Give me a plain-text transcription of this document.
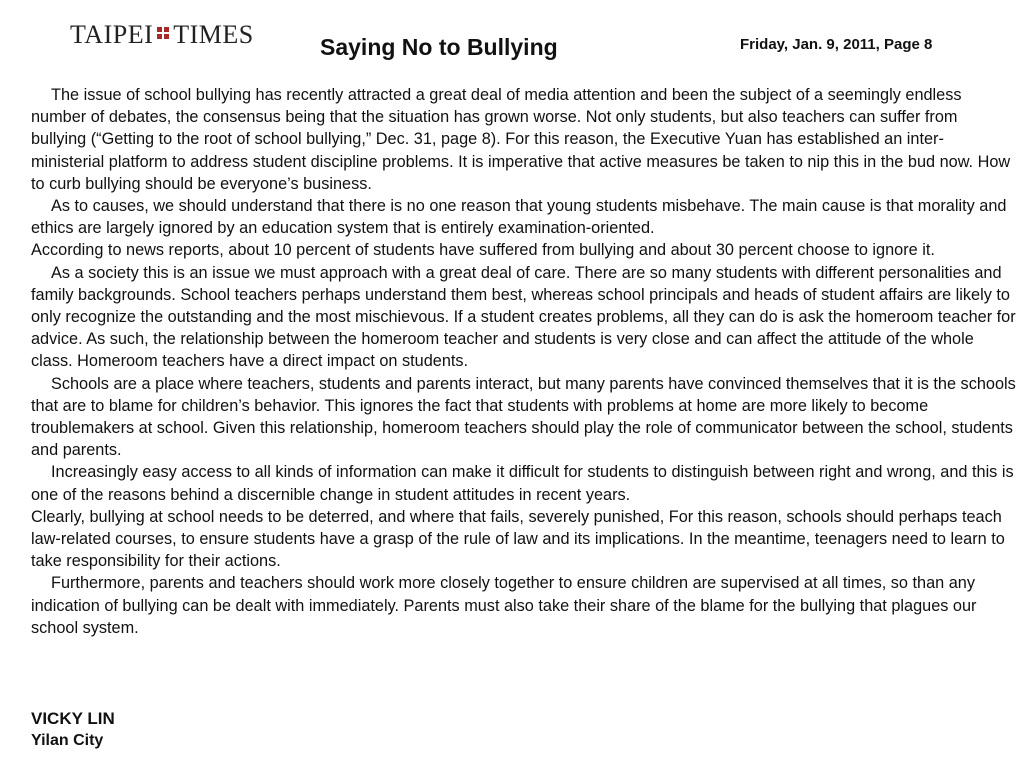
TAIPEI TIMES	Saying No to Bullying	Friday, Jan. 9, 2011, Page 8

The issue of school bullying has recently attracted a great deal of media attention and been the subject of a seemingly endless number of debates, the consensus being that the situation has grown worse. Not only students, but also teachers can suffer from bullying (“Getting to the root of school bullying,” Dec. 31, page 8). For this reason, the Executive Yuan has established an inter-ministerial platform to address student discipline problems. It is imperative that active measures be taken to nip this in the bud now. How to curb bullying should be everyone’s business.

As to causes, we should understand that there is no one reason that young students misbehave. The main cause is that morality and ethics are largely ignored by an education system that is entirely examination-oriented.

According to news reports, about 10 percent of students have suffered from bullying and about 30 percent choose to ignore it.

As a society this is an issue we must approach with a great deal of care. There are so many students with different personalities and family backgrounds. School teachers perhaps understand them best, whereas school principals and heads of student affairs are likely to only recognize the outstanding and the most mischievous. If a student creates problems, all they can do is ask the homeroom teacher for advice. As such, the relationship between the homeroom teacher and students is very close and can affect the attitude of the whole class. Homeroom teachers have a direct impact on students.

Schools are a place where teachers, students and parents interact, but many parents have convinced themselves that it is the schools that are to blame for children’s behavior. This ignores the fact that students with problems at home are more likely to become troublemakers at school. Given this relationship, homeroom teachers should play the role of communicator between the school, students and parents.

Increasingly easy access to all kinds of information can make it difficult for students to distinguish between right and wrong, and this is one of the reasons behind a discernible change in student attitudes in recent years.

Clearly, bullying at school needs to be deterred, and where that fails, severely punished, For this reason, schools should perhaps teach law-related courses, to ensure students have a grasp of the rule of law and its implications. In the meantime, teenagers need to learn to take responsibility for their actions.

Furthermore, parents and teachers should work more closely together to ensure children are supervised at all times, so than any indication of bullying can be dealt with immediately. Parents must also take their share of the blame for the bullying that plagues our school system.

VICKY LIN
Yilan City
